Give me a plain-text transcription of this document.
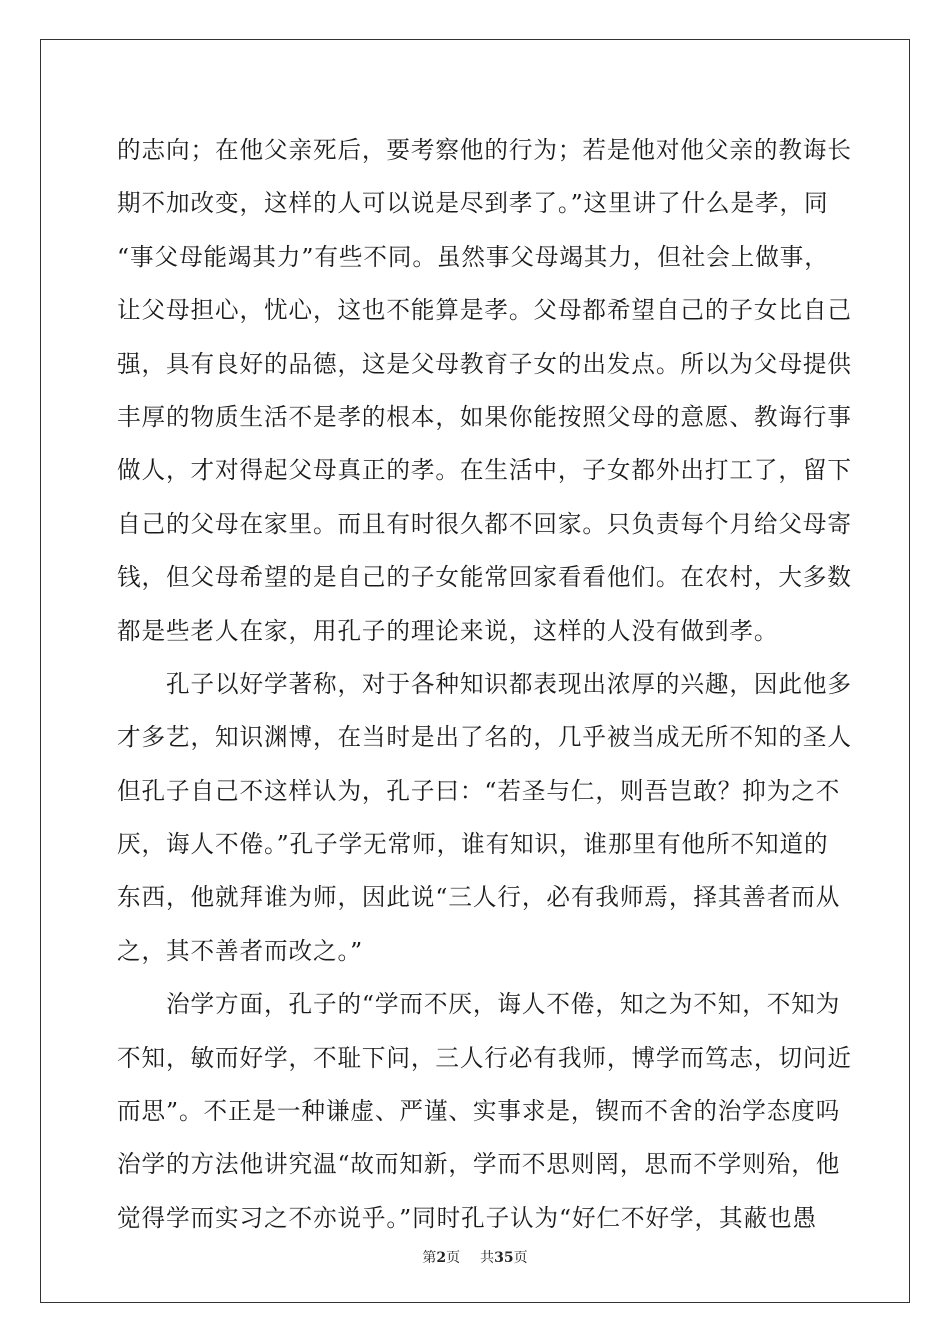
的志向；在他父亲死后，要考察他的行为；若是他对他父亲的教诲长
期不加改变，这样的人可以说是尽到孝了。”这里讲了什么是孝，同
“事父母能竭其力”有些不同。虽然事父母竭其力，但社会上做事，
让父母担心，忧心，这也不能算是孝。父母都希望自己的子女比自己
强，具有良好的品德，这是父母教育子女的出发点。所以为父母提供
丰厚的物质生活不是孝的根本，如果你能按照父母的意愿、教诲行事
做人，才对得起父母真正的孝。在生活中，子女都外出打工了，留下
自己的父母在家里。而且有时很久都不回家。只负责每个月给父母寄
钱，但父母希望的是自己的子女能常回家看看他们。在农村，大多数
都是些老人在家，用孔子的理论来说，这样的人没有做到孝。
　　孔子以好学著称，对于各种知识都表现出浓厚的兴趣，因此他多
才多艺，知识渊博，在当时是出了名的，几乎被当成无所不知的圣人
但孔子自己不这样认为，孔子曰：“若圣与仁，则吾岂敢？抑为之不
厌，诲人不倦。”孔子学无常师，谁有知识，谁那里有他所不知道的
东西，他就拜谁为师，因此说“三人行，必有我师焉，择其善者而从
之，其不善者而改之。”
　　治学方面，孔子的“学而不厌，诲人不倦，知之为不知，不知为
不知，敏而好学，不耻下问，三人行必有我师，博学而笃志，切问近
而思”。不正是一种谦虚、严谨、实事求是，锲而不舍的治学态度吗
治学的方法他讲究温“故而知新，学而不思则罔，思而不学则殆，他
觉得学而实习之不亦说乎。”同时孔子认为“好仁不好学，其蔽也愚
第2页 共35页
